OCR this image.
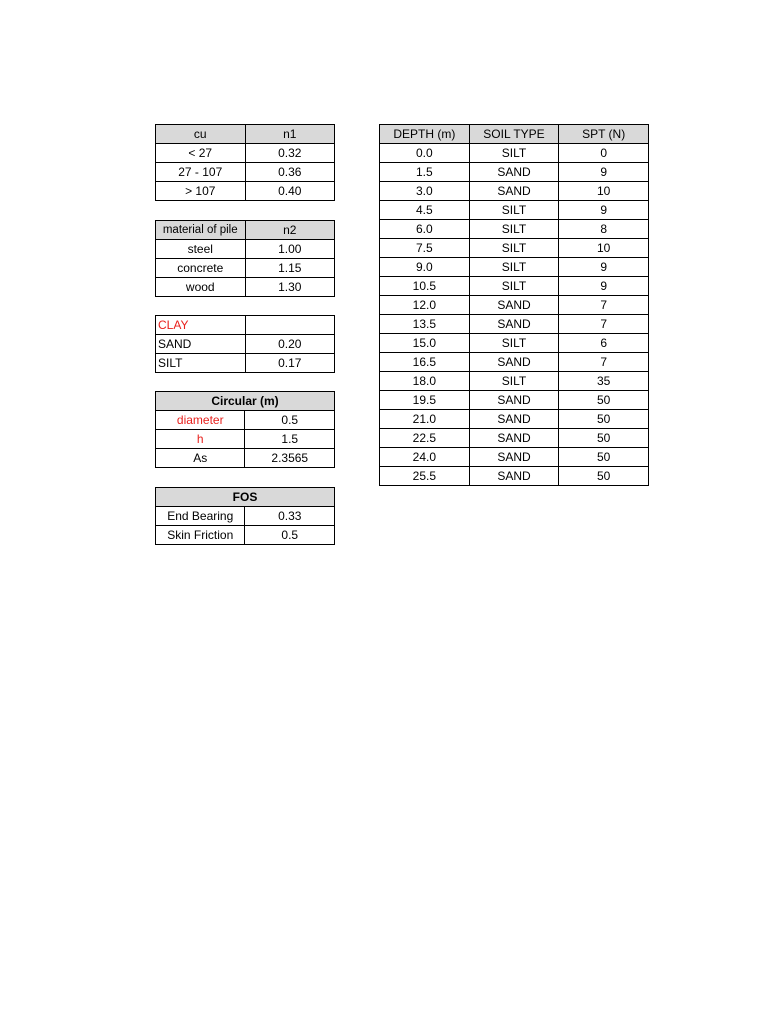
cu	n1
< 27	0.32
27 - 107	0.36
> 107	0.40
material of pile	n2
steel	1.00
concrete	1.15
wood	1.30
CLAY	
SAND	0.20
SILT	0.17
Circular (m)	
diameter	0.5
h	1.5
As	2.3565
FOS	
End Bearing	0.33
Skin Friction	0.5
DEPTH (m)	SOIL TYPE	SPT (N)
0.0	SILT	0
1.5	SAND	9
3.0	SAND	10
4.5	SILT	9
6.0	SILT	8
7.5	SILT	10
9.0	SILT	9
10.5	SILT	9
12.0	SAND	7
13.5	SAND	7
15.0	SILT	6
16.5	SAND	7
18.0	SILT	35
19.5	SAND	50
21.0	SAND	50
22.5	SAND	50
24.0	SAND	50
25.5	SAND	50
